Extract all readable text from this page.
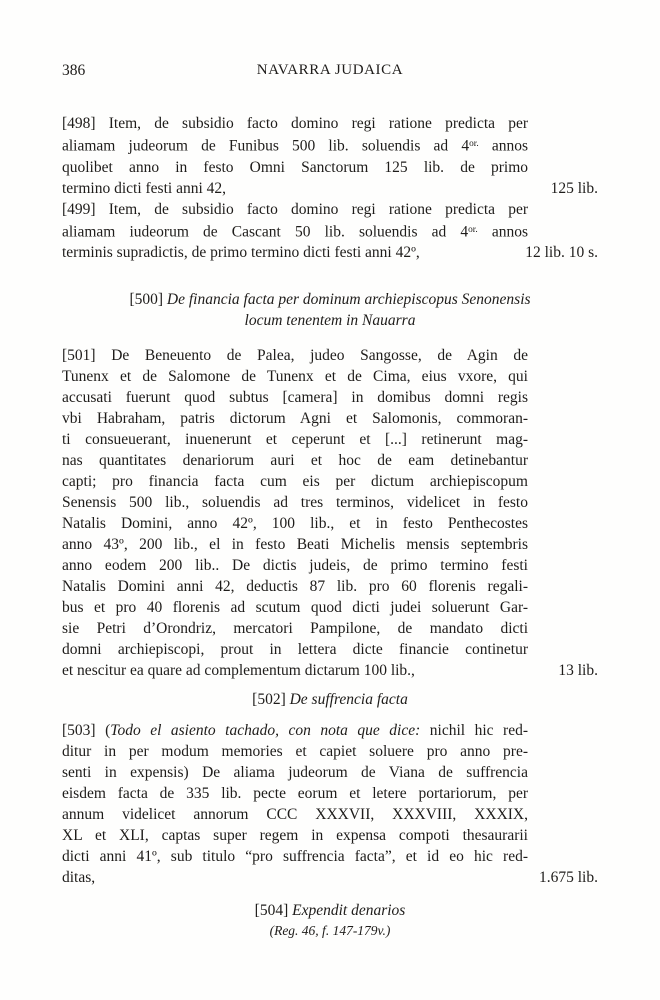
386	NAVARRA JUDAICA
[498] Item, de subsidio facto domino regi ratione predicta per
aliamam judeorum de Funibus 500 lib. soluendis ad $4^{or.}$ annos
quolibet anno in festo Omni Sanctorum 125 lib. de primo
termino dicti festi anni 42,	125 lib.
[499] Item, de subsidio facto domino regi ratione predicta per
aliamam iudeorum de Cascant 50 lib. soluendis ad $4^{or.}$ annos
terminis supradictis, de primo termino dicti festi anni 42º,	12 lib. 10 s.
[500] De financia facta per dominum archiepiscopus Senonensis
locum tenentem in Nauarra
[501] De Beneuento de Palea, judeo Sangosse, de Agin de
Tunenx et de Salomone de Tunenx et de Cima, eius vxore, qui
accusati fuerunt quod subtus [camera] in domibus domni regis
vbi Habraham, patris dictorum Agni et Salomonis, commoran-
ti consueuerant, inuenerunt et ceperunt et [...] retinerunt mag-
nas quantitates denariorum auri et hoc de eam detinebantur
capti; pro financia facta cum eis per dictum archiepiscopum
Senensis 500 lib., soluendis ad tres terminos, videlicet in festo
Natalis Domini, anno 42º, 100 lib., et in festo Penthecostes
anno 43º, 200 lib., el in festo Beati Michelis mensis septembris
anno eodem 200 lib.. De dictis judeis, de primo termino festi
Natalis Domini anni 42, deductis 87 lib. pro 60 florenis regali-
bus et pro 40 florenis ad scutum quod dicti judei soluerunt Gar-
sie Petri d’Orondriz, mercatori Pampilone, de mandato dicti
domni archiepiscopi, prout in lettera dicte financie continetur
et nescitur ea quare ad complementum dictarum 100 lib.,	13 lib.
[502] De suffrencia facta
[503] (Todo el asiento tachado, con nota que dice: nichil hic red-
ditur in per modum memories et capiet soluere pro anno pre-
senti in expensis) De aliama judeorum de Viana de suffrencia
eisdem facta de 335 lib. pecte eorum et letere portariorum, per
annum videlicet annorum CCC XXXVII, XXXVIII, XXXIX,
XL et XLI, captas super regem in expensa compoti thesaurarii
dicti anni 41º, sub titulo “pro suffrencia facta”, et id eo hic red-
ditas,	1.675 lib.
[504] Expendit denarios
(Reg. 46, f. 147-179v.)
